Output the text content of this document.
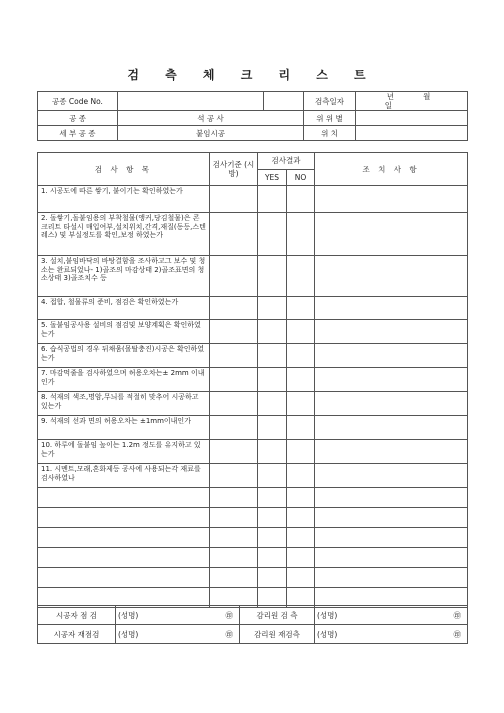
검 측 체 크 리 스 트
공종 Code No.			검측일자	년 월 일
공 종	석 공 사		위 위 별	
세 부 공 종	붙임시공		위 치	
검 사 항 목	검사기준 (시방)	검사결과		조 치 사 항
		YES	NO	
1. 시공도에 따른 쌓기, 붙이기는 확인하였는가				
2. 돌쌓기,돌붙임용의 부착철물(앵커,당김철물)은 콘크리트 타설시 매입여부,설치위치,간격,재질(동등,스텐레스) 및 부실정도를 확인,보정 하였는가				
3. 설치,붙임바닥의 바탕결함을 조사하고그 보수 및 청소는 완료되었나- 1)골조의 마감상태 2)골조표면의 청소상태 3)골조치수 등				
4. 접합, 철물류의 준비, 점검은 확인하였는가				
5. 돌붙임공사용 설비의 점검및 보양계획은 확인하였는가				
6. 습식공법의 경우 뒤채움(몰탈충진)시공은 확인하였는가				
7. 마감먹줄을 검사하였으며 허용오차는± 2mm 이내인가				
8. 석재의 색조,명암,무늬를 적절히 맞추어 시공하고 있는가				
9. 석재의 선과 면의 허용오차는 ±1mm이내인가				
10. 하루에 돌붙임 높이는 1.2m 정도를 유지하고 있는가				
11. 시멘트,모래,혼화제등 공사에 사용되는각 재료를 검사하였나				

시공자 점 검	(성명) ㊞	감리원 검 측	(성명) ㊞

시공자 재점검	(성명) ㊞	감리원 재검측	(성명) ㊞
